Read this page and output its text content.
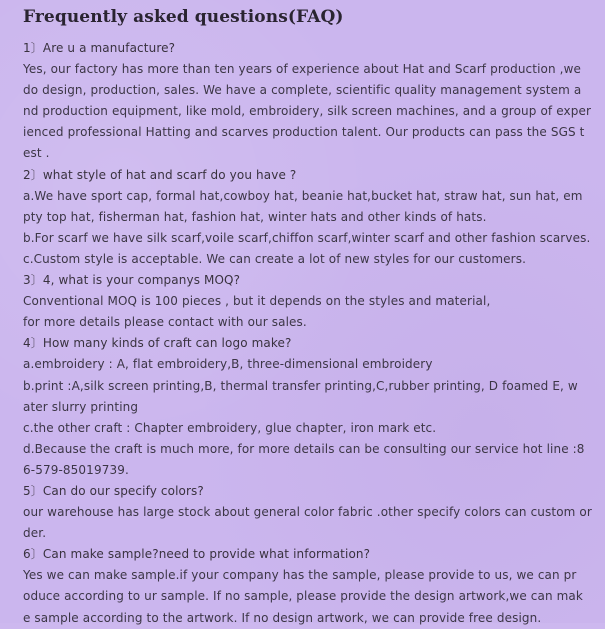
Frequently asked questions(FAQ)
1〕Are u a manufacture?
Yes, our factory has more than ten years of experience about Hat and Scarf production ,we
do design, production, sales. We have a complete, scientific quality management system a
nd production equipment, like mold, embroidery, silk screen machines, and a group of exper
ienced professional Hatting and scarves production talent. Our products can pass the SGS t
est .
2〕what style of hat and scarf do you have ?
a.We have sport cap, formal hat,cowboy hat, beanie hat,bucket hat, straw hat, sun hat, em
pty top hat, fisherman hat, fashion hat, winter hats and other kinds of hats.
b.For scarf we have silk scarf,voile scarf,chiffon scarf,winter scarf and other fashion scarves.
c.Custom style is acceptable. We can create a lot of new styles for our customers.
3〕4, what is your companys MOQ?
Conventional MOQ is 100 pieces , but it depends on the styles and material,
for more details please contact with our sales.
4〕How many kinds of craft can logo make?
a.embroidery : A, flat embroidery,B, three-dimensional embroidery
b.print :A,silk screen printing,B, thermal transfer printing,C,rubber printing, D foamed E, w
ater slurry printing
c.the other craft : Chapter embroidery, glue chapter, iron mark etc.
d.Because the craft is much more, for more details can be consulting our service hot line :8
6-579-85019739.
5〕Can do our specify colors?
our warehouse has large stock about general color fabric .other specify colors can custom or
der.
6〕Can make sample?need to provide what information?
Yes we can make sample.if your company has the sample, please provide to us, we can pr
oduce according to ur sample. If no sample, please provide the design artwork,we can mak
e sample according to the artwork. If no design artwork, we can provide free design.
